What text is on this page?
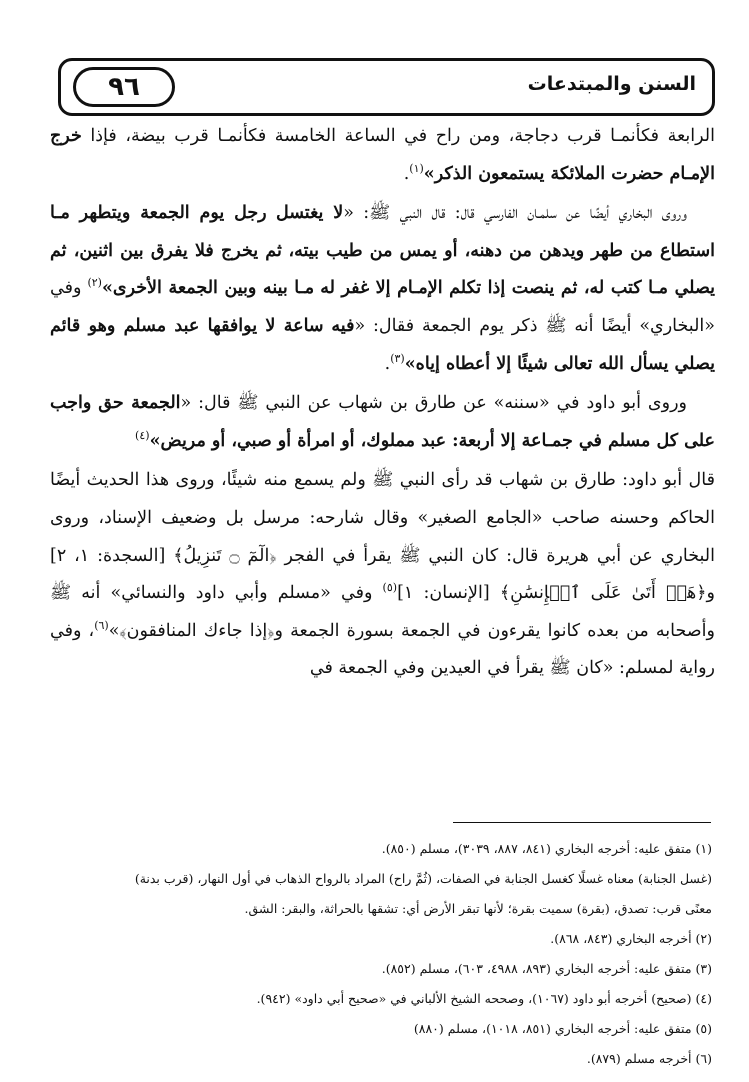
٩٦	السنن والمبتدعات

الرابعة فكأنمـا قرب دجاجة، ومن راح في الساعة الخامسة فكأنمـا قرب بيضة، فإذا خرج الإمـام حضرت الملائكة يستمعون الذكر»$^{(١)}$.

وروى البخاري أيضًا عن سلمـان الفارسي قال: قال النبي ﷺ: «لا يغتسل رجل يوم الجمعة ويتطهر مـا استطاع من طهر ويدهن من دهنه، أو يمس من طيب بيته، ثم يخرج فلا يفرق بين اثنين، ثم يصلي مـا كتب له، ثم ينصت إذا تكلم الإمـام إلا غفر له مـا بينه وبين الجمعة الأخرى»$^{(٢)}$ وفي «البخاري» أيضًا أنه ﷺ ذكر يوم الجمعة فقال: «فيه ساعة لا يوافقها عبد مسلم وهو قائم يصلي يسأل الله تعالى شيئًا إلا أعطاه إياه»$^{(٣)}$.

وروى أبو داود في «سننه» عن طارق بن شهاب عن النبي ﷺ قال: «الجمعة حق واجب على كل مسلم في جمـاعة إلا أربعة: عبد مملوك، أو امرأة أو صبي، أو مريض»$^{(٤)}$

قال أبو داود: طارق بن شهاب قد رأى النبي ﷺ ولم يسمع منه شيئًا، وروى هذا الحديث أيضًا الحاكم وحسنه صاحب «الجامع الصغير» وقال شارحه: مرسل بل وضعيف الإسناد، وروى البخاري عن أبي هريرة قال: كان النبي ﷺ يقرأ في الفجر ﴿الٓمٓ ۝ تَنزِيلُ﴾ [السجدة: ١، ٢] و﴿هَلۡ أَتَىٰ عَلَى ٱلۡإِنسَٰنِ﴾ [الإنسان: ١]$^{(٥)}$ وفي «مسلم وأبي داود والنسائي» أنه ﷺ وأصحابه من بعده كانوا يقرءون في الجمعة بسورة الجمعة و﴿إذا جاءك المنافقون﴾»$^{(٦)}$، وفي رواية لمسلم: «كان ﷺ يقرأ في العيدين وفي الجمعة في

(١) متفق عليه: أخرجه البخاري (٨٤١، ٨٨٧، ٣٠٣٩)، مسلم (٨٥٠).
(غسل الجنابة) معناه غسلًا كغسل الجنابة في الصفات، (ثُمَّ راح) المراد بالرواح الذهاب في أول النهار، (قرب بدنة)
معنًى قرب: تصدق، (بقرة) سميت بقرة؛ لأنها تبقر الأرض أي: تشقها بالحراثة، والبقر: الشق.
(٢) أخرجه البخاري (٨٤٣، ٨٦٨).
(٣) متفق عليه: أخرجه البخاري (٨٩٣، ٤٩٨٨، ٦٠٣)، مسلم (٨٥٢).
(٤) (صحيح) أخرجه أبو داود (١٠٦٧)، وصححه الشيخ الألباني في «صحيح أبي داود» (٩٤٢).
(٥) متفق عليه: أخرجه البخاري (٨٥١، ١٠١٨)، مسلم (٨٨٠)
(٦) أخرجه مسلم (٨٧٩).
